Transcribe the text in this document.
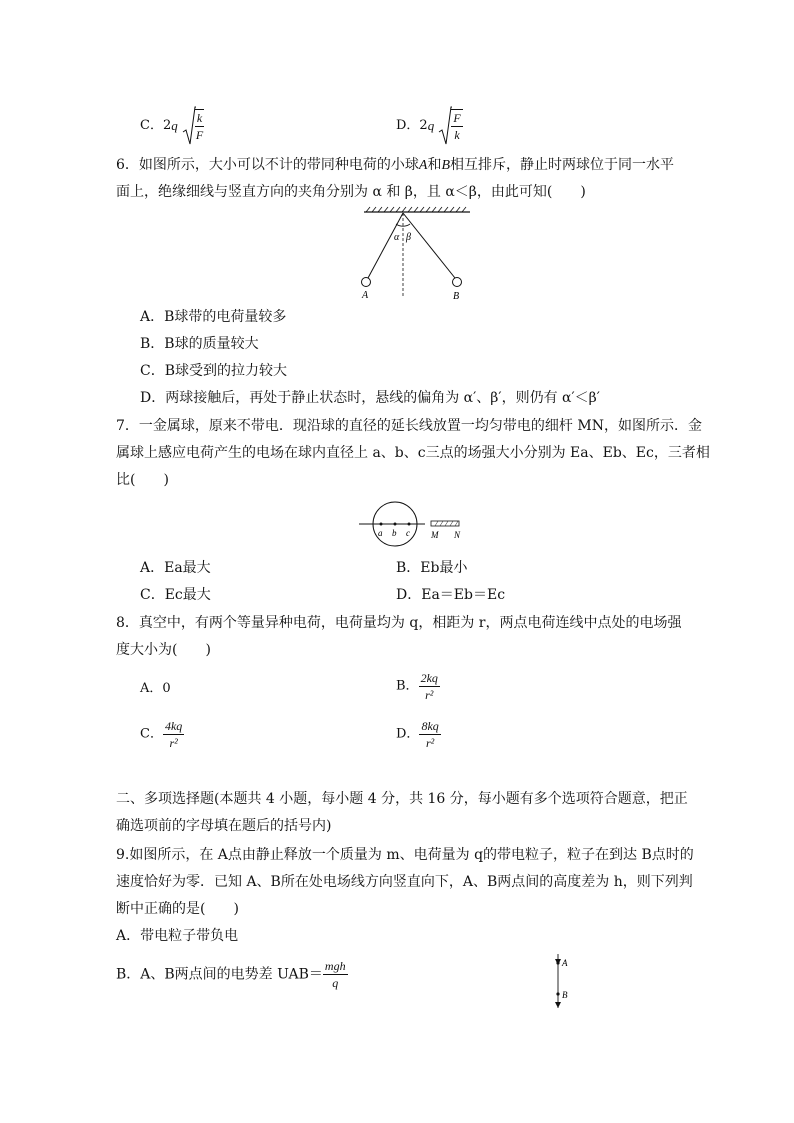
C．$2q \frac{k}{F}$	D．$2q \frac{F}{k}$
6．如图所示，大小可以不计的带同种电荷的小球A和B相互排斥，静止时两球位于同一水平
面上，绝缘细线与竖直方向的夹角分别为 α 和 β，且 α＜β，由此可知(　　)
α β
A	B
A．B球带的电荷量较多
B．B球的质量较大
C．B球受到的拉力较大
D．两球接触后，再处于静止状态时，悬线的偏角为 α′、β′，则仍有 α′＜β′
7．一金属球，原来不带电．现沿球的直径的延长线放置一均匀带电的细杆 MN，如图所示．金
属球上感应电荷产生的电场在球内直径上 a、b、c三点的场强大小分别为 Ea、Eb、Ec，三者相
比(　　)
a b c M N
A．Ea最大	B．Eb最小
C．Ec最大	D．Ea＝Eb＝Ec
8．真空中，有两个等量异种电荷，电荷量均为 q，相距为 r，两点电荷连线中点处的电场强
度大小为(　　)
A．0	B． $\frac{2kq}{\text{r²}}$
C． $\frac{4kq}{\text{r²}}$	D． $\frac{8kq}{\text{r²}}$
二、多项选择题(本题共 4 小题，每小题 4 分，共 16 分，每小题有多个选项符合题意，把正
确选项前的字母填在题后的括号内)
9.如图所示，在 A点由静止释放一个质量为 m、电荷量为 q的带电粒子，粒子在到达 B点时的
速度恰好为零．已知 A、B所在处电场线方向竖直向下，A、B两点间的高度差为 h，则下列判
断中正确的是(　　)
A．带电粒子带负电
B．A、B两点间的电势差 $UAB= \frac{\text{mgh}}{q}$	A
B
